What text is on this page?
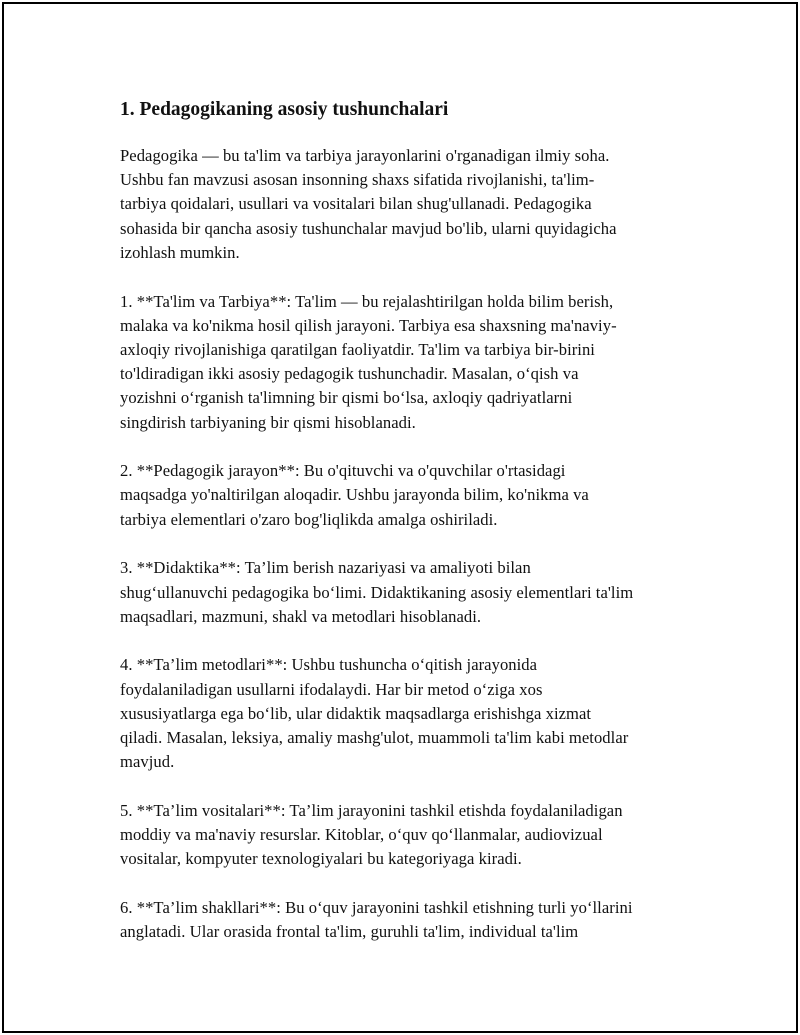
1. Pedagogikaning asosiy tushunchalari

Pedagogika — bu ta'lim va tarbiya jarayonlarini o'rganadigan ilmiy soha.
Ushbu fan mavzusi asosan insonning shaxs sifatida rivojlanishi, ta'lim-
tarbiya qoidalari, usullari va vositalari bilan shug'ullanadi. Pedagogika
sohasida bir qancha asosiy tushunchalar mavjud bo'lib, ularni quyidagicha
izohlash mumkin.

1. **Ta'lim va Tarbiya**: Ta'lim — bu rejalashtirilgan holda bilim berish,
malaka va ko'nikma hosil qilish jarayoni. Tarbiya esa shaxsning ma'naviy-
axloqiy rivojlanishiga qaratilgan faoliyatdir. Ta'lim va tarbiya bir-birini
to'ldiradigan ikki asosiy pedagogik tushunchadir. Masalan, o‘qish va
yozishni o‘rganish ta'limning bir qismi bo‘lsa, axloqiy qadriyatlarni
singdirish tarbiyaning bir qismi hisoblanadi.

2. **Pedagogik jarayon**: Bu o'qituvchi va o'quvchilar o'rtasidagi
maqsadga yo'naltirilgan aloqadir. Ushbu jarayonda bilim, ko'nikma va
tarbiya elementlari o'zaro bog'liqlikda amalga oshiriladi.

3. **Didaktika**: Ta’lim berish nazariyasi va amaliyoti bilan
shug‘ullanuvchi pedagogika bo‘limi. Didaktikaning asosiy elementlari ta'lim
maqsadlari, mazmuni, shakl va metodlari hisoblanadi.

4. **Ta’lim metodlari**: Ushbu tushuncha o‘qitish jarayonida
foydalaniladigan usullarni ifodalaydi. Har bir metod o‘ziga xos
xususiyatlarga ega bo‘lib, ular didaktik maqsadlarga erishishga xizmat
qiladi. Masalan, leksiya, amaliy mashg'ulot, muammoli ta'lim kabi metodlar
mavjud.

5. **Ta’lim vositalari**: Ta’lim jarayonini tashkil etishda foydalaniladigan
moddiy va ma'naviy resurslar. Kitoblar, o‘quv qo‘llanmalar, audiovizual
vositalar, kompyuter texnologiyalari bu kategoriyaga kiradi.

6. **Ta’lim shakllari**: Bu o‘quv jarayonini tashkil etishning turli yo‘llarini
anglatadi. Ular orasida frontal ta'lim, guruhli ta'lim, individual ta'lim
